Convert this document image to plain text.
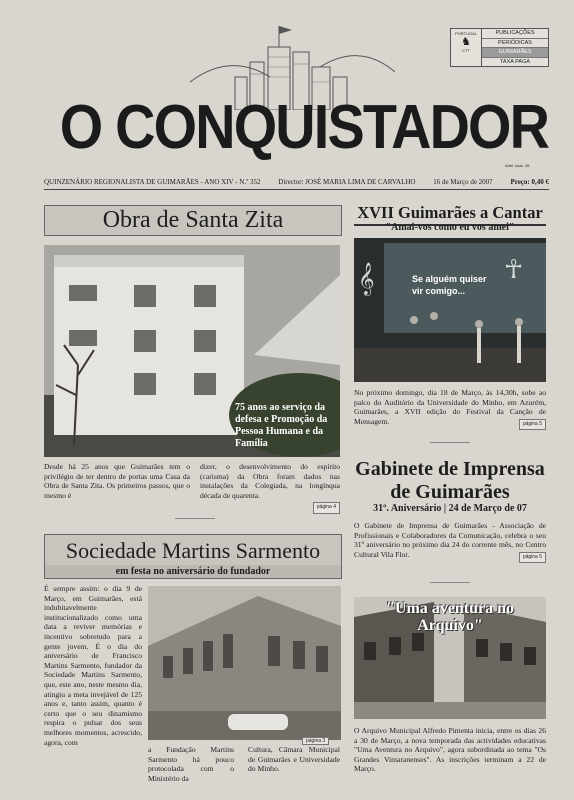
PORTUGAL
♞
CTT
PUBLICAÇÕES
PERIÓDICAS
GUIMARÃES
TAXA PAGA
O CONQUISTADOR
Adel. Iauz. 45
QUINZENÁRIO REGIONALISTA DE GUIMARÃES - ANO XIV - N.º 352	Director: JOSÉ MARIA LIMA DE CARVALHO	16 de Março de 2007	Preço: 0,40 €
Obra de Santa Zita
75 anos ao serviço da defesa e Promoção da Pessoa Humana e da Família
Desde há 25 anos que Guimarães tem o privilégio de ter dentro de portas uma Casa da Obra de Santa Zita. Os primeiros passos, que o mesmo é
dizer, o desenvolvimento do espírito (carisma) da Obra foram dados nas instalações da Colegiada, na longínqua década de quarenta.
página 4
XVII Guimarães a Cantar
"Amai-vos como eu vos amei"
𝄞	☥
Se alguém quiser vir comigo...
No próximo domingo, dia 18 de Março, às 14,30h, sobe ao palco do Auditório da Universidade do Minho, em Azurém, Guimarães, a XVII edição do Festival da Canção de Mensagem.	página 5
Gabinete de Imprensa de Guimarães
31º. Aniversário | 24 de Março de 07
O Gabinete de Imprensa de Guimarães - Associação de Profissionais e Colaboradores da Comunicação, celebra o seu 31º aniversário no próximo dia 24 do corrente mês, no Centro Cultural Vila Flor.	página 5
Sociedade Martins Sarmento
em festa no aniversário do fundador
É sempre assim: o dia 9 de Março, em Guimarães, está indubitavelmente institucionalizado como uma data a reviver memórias e incentivo sobretudo para a gente jovem. É o dia do aniversário de Francisco Martins Sarmento, fundador da Sociedade Martins Sarmento, que, este ano, neste mesmo dia, atingiu a meta invejável de 125 anos e, tanto assim, quanto é certo que o seu dinamismo respira o pulsar dos seus melhores momentos, acrescido, agora, com	página 3
a Fundação Martins Sarmento há pouco protocolada com o Ministério da
Cultura, Câmara Municipal de Guimarães e Universidade do Minho.
"Uma aventura no Arquivo"
O Arquivo Municipal Alfredo Pimenta inicia, entre os dias 26 a 30 de Março, a nova temporada das actividades educativas "Uma Aventura no Arquivo", agora subordinada ao tema "Os Grandes Vimaranenses". As inscrições terminam a 22 de Março.
